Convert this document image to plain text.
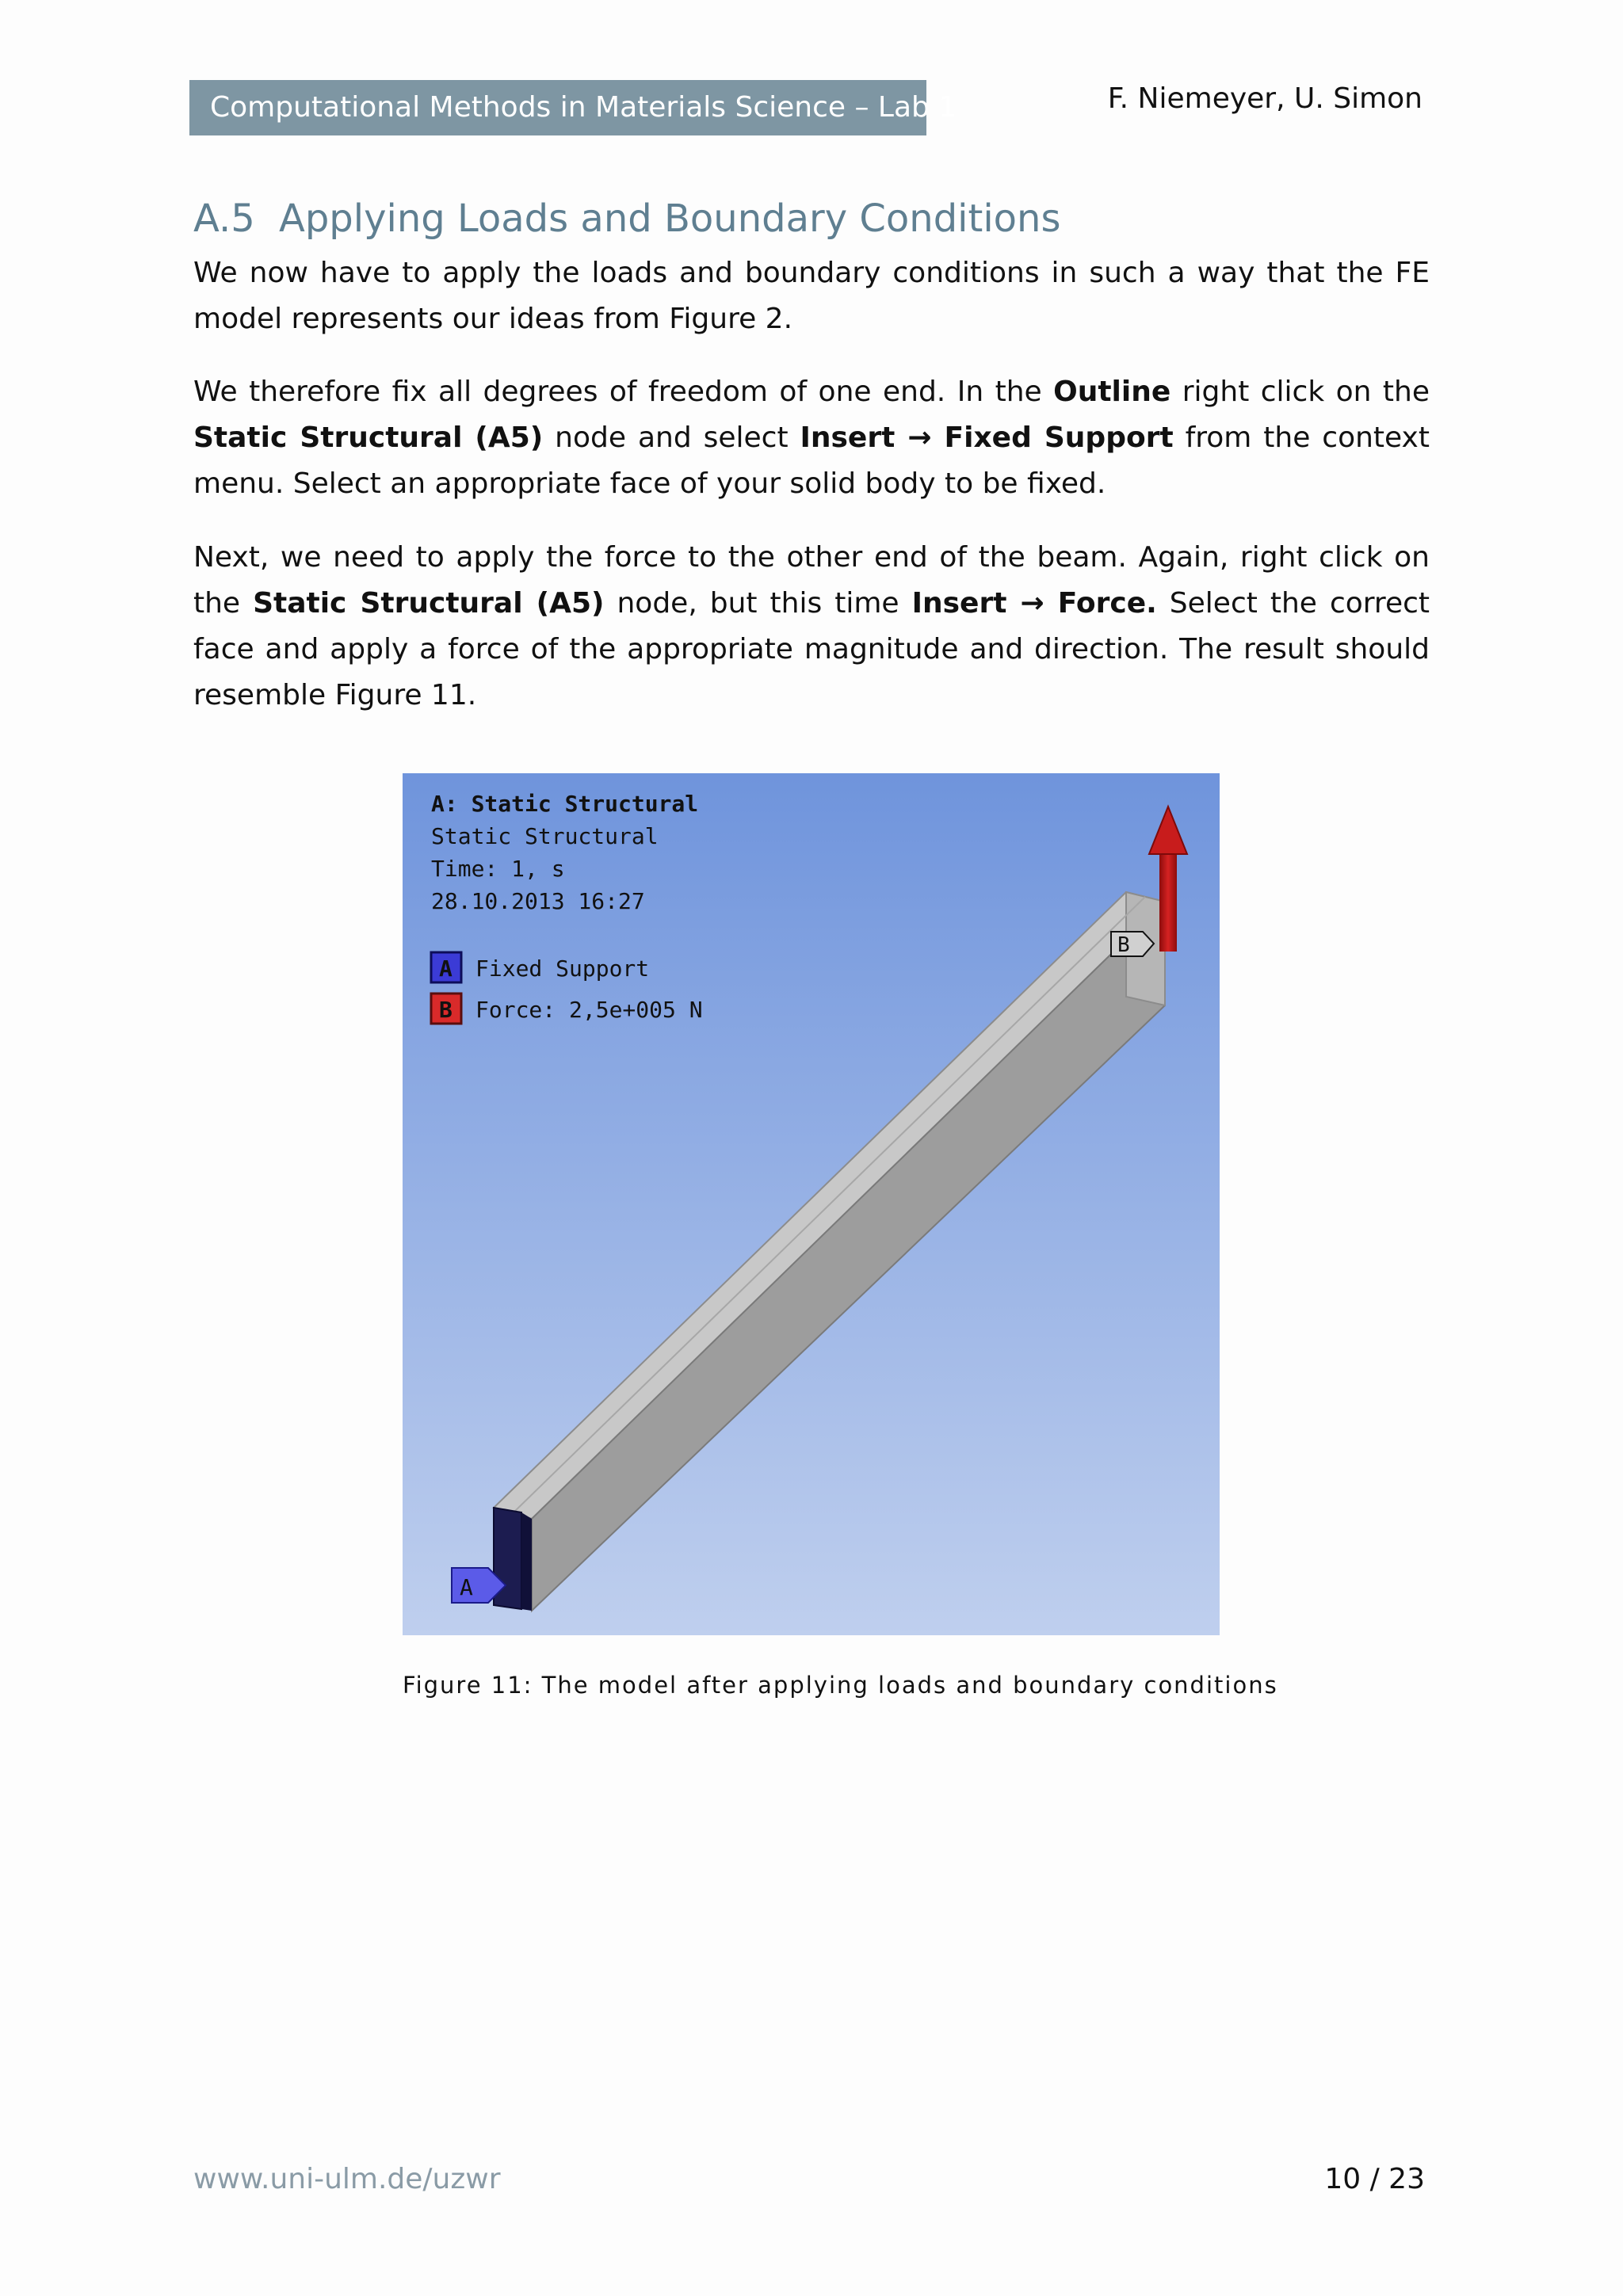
Computational Methods in Materials Science – Lab 1	F. Niemeyer, U. Simon
A.5 Applying Loads and Boundary Conditions

We now have to apply the loads and boundary conditions in such a way that the FE model represents our ideas from Figure 2.

We therefore fix all degrees of freedom of one end. In the Outline right click on the Static Structural (A5) node and select Insert → Fixed Support from the context menu. Select an appropriate face of your solid body to be fixed.

Next, we need to apply the force to the other end of the beam. Again, right click on the Static Structural (A5) node, but this time Insert → Force. Select the correct face and apply a force of the appropriate magnitude and direction. The result should resemble Figure 11.

B
A
A: Static Structural
Static Structural
Time: 1, s
28.10.2013 16:27
A Fixed Support
B Force: 2,5e+005 N
Figure 11: The model after applying loads and boundary conditions
www.uni-ulm.de/uzwr	10 / 23
